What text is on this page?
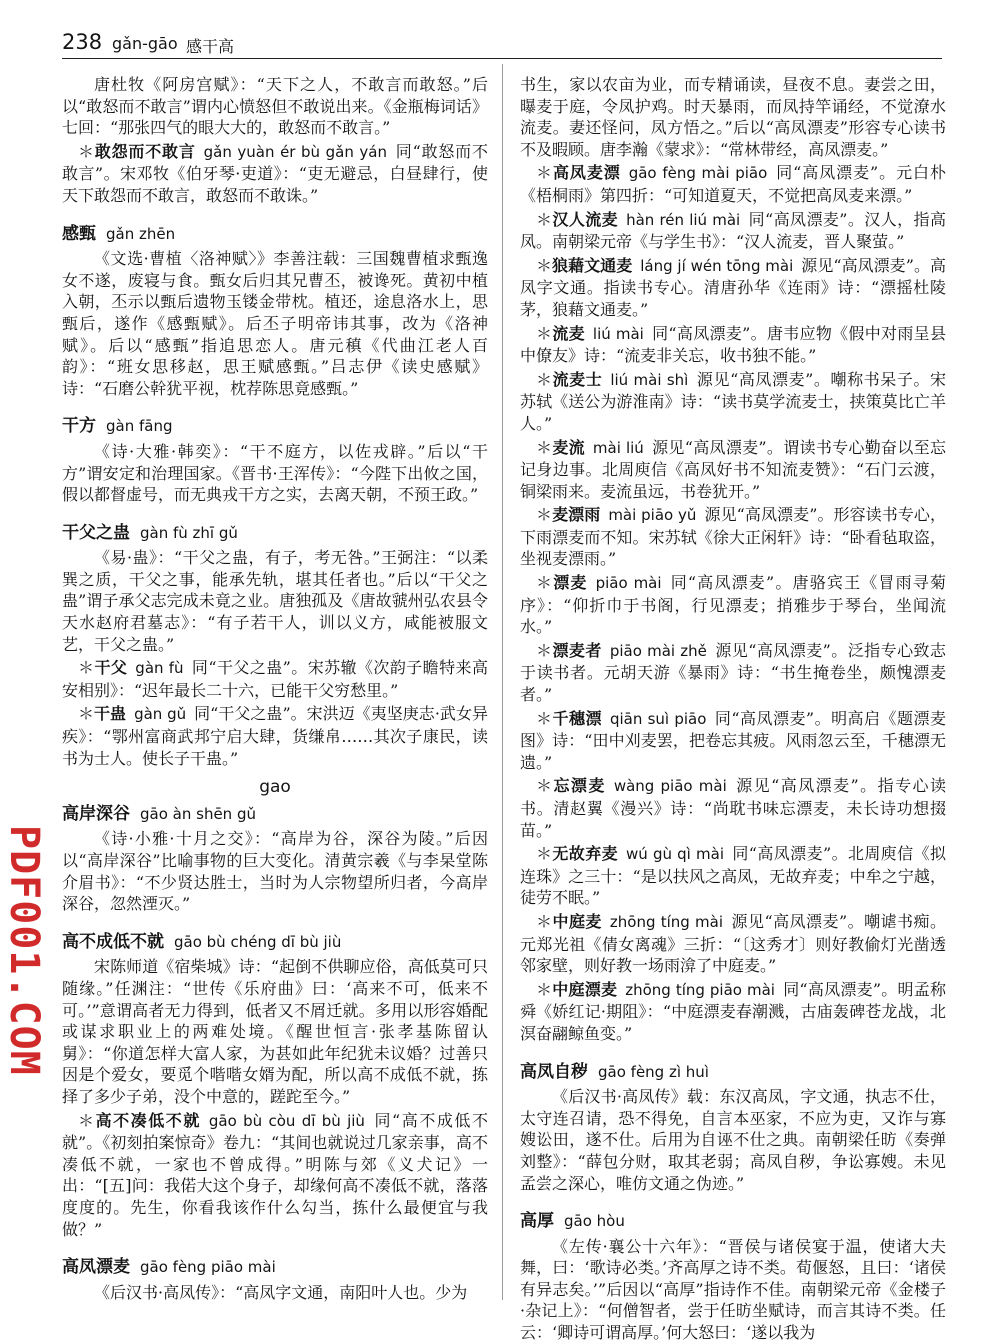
238 gǎn-gāo 感干高

唐杜牧《阿房宫赋》：“天下之人，不敢言而敢怒。”后以“敢怒而不敢言”谓内心愤怒但不敢说出来。《金瓶梅词话》七回：“那张四气的眼大大的，敢怒而不敢言。”

＊敢怨而不敢言 gǎn yuàn ér bù gǎn yán 同“敢怒而不敢言”。宋邓牧《伯牙琴·吏道》：“吏无避忌，白昼肆行，使天下敢怨而不敢言，敢怒而不敢诛。”

感甄 gǎn zhēn

《文选·曹植〈洛神赋〉》李善注载：三国魏曹植求甄逸女不遂，废寝与食。甄女后归其兄曹丕，被谗死。黄初中植入朝，丕示以甄后遗物玉镂金带枕。植还，途息洛水上，思甄后，遂作《感甄赋》。后丕子明帝讳其事，改为《洛神赋》。后以“感甄”指追思恋人。唐元稹《代曲江老人百韵》：“班女思移赵，思王赋感甄。”吕志伊《读史感赋》诗：“石磨公幹犹平视，枕荐陈思竟感甄。”

干方 gàn fāng

《诗·大雅·韩奕》：“干不庭方，以佐戎辟。”后以“干方”谓安定和治理国家。《晋书·王浑传》：“今陛下出攸之国，假以都督虚号，而无典戎干方之实，去离天朝，不预王政。”

干父之蛊 gàn fù zhī gǔ

《易·蛊》：“干父之蛊，有子，考无咎。”王弼注：“以柔巽之质，干父之事，能承先轨，堪其任者也。”后以“干父之蛊”谓子承父志完成未竟之业。唐独孤及《唐故虢州弘农县令天水赵府君墓志》：“有子若干人，训以义方，咸能被服文艺，干父之蛊。”

＊干父 gàn fù 同“干父之蛊”。宋苏辙《次韵子瞻特来高安相别》：“迟年最长二十六，已能干父穷愁里。”

＊干蛊 gàn gǔ 同“干父之蛊”。宋洪迈《夷坚庚志·武女异疾》：“鄂州富商武邦宁启大肆，货缣帛……其次子康民，读书为士人。使长子干蛊。”

gao
高岸深谷 gāo àn shēn gǔ

《诗·小雅·十月之交》：“高岸为谷，深谷为陵。”后因以“高岸深谷”比喻事物的巨大变化。清黄宗羲《与李杲堂陈介眉书》：“不少贤达胜士，当时为人宗物望所归者，今高岸深谷，忽然湮灭。”

高不成低不就 gāo bù chéng dī bù jiù

宋陈师道《宿柴城》诗：“起倒不供聊应俗，高低莫可只随缘。”任渊注：“世传《乐府曲》曰：‘高来不可，低来不可。’”意谓高者无力得到，低者又不屑迁就。多用以形容婚配或谋求职业上的两难处境。《醒世恒言·张孝基陈留认舅》：“你道怎样大富人家，为甚如此年纪犹未议婚？过善只因是个爱女，要觅个喈喈女婿为配，所以高不成低不就，拣择了多少子弟，没个中意的，蹉跎至今。”

＊高不凑低不就 gāo bù còu dī bù jiù 同“高不成低不就”。《初刻拍案惊奇》卷九：“其间也就说过几家亲事，高不凑低不就，一家也不曾成得。”明陈与郊《义犬记》一出：“[五]问：我偌大这个身子，却缘何高不凑低不就，落落度度的。先生，你看我该作什么勾当，拣什么最便宜与我做？”

高凤漂麦 gāo fèng piāo mài

《后汉书·高凤传》：“高凤字文通，南阳叶人也。少为

书生，家以农亩为业，而专精诵读，昼夜不息。妻尝之田，曝麦于庭，令凤护鸡。时天暴雨，而凤持竿诵经，不觉潦水流麦。妻还怪问，凤方悟之。”后以“高凤漂麦”形容专心读书不及暇顾。唐李瀚《蒙求》：“常林带经，高凤漂麦。”

＊高凤麦漂 gāo fèng mài piāo 同“高凤漂麦”。元白朴《梧桐雨》第四折：“可知道夏天，不觉把高凤麦来漂。”

＊汉人流麦 hàn rén liú mài 同“高凤漂麦”。汉人，指高凤。南朝梁元帝《与学生书》：“汉人流麦，晋人聚萤。”

＊狼藉文通麦 láng jí wén tōng mài 源见“高凤漂麦”。高凤字文通。指读书专心。清唐孙华《连雨》诗：“漂摇杜陵茅，狼藉文通麦。”

＊流麦 liú mài 同“高凤漂麦”。唐韦应物《假中对雨呈县中僚友》诗：“流麦非关忘，收书独不能。”

＊流麦士 liú mài shì 源见“高凤漂麦”。嘲称书呆子。宋苏轼《送公为游淮南》诗：“读书莫学流麦士，挟策莫比亡羊人。”

＊麦流 mài liú 源见“高凤漂麦”。谓读书专心勤奋以至忘记身边事。北周庾信《高凤好书不知流麦赞》：“石门云渡，铜梁雨来。麦流虽远，书卷犹开。”

＊麦漂雨 mài piāo yǔ 源见“高凤漂麦”。形容读书专心，下雨漂麦而不知。宋苏轼《徐大正闲轩》诗：“卧看毡取盗，坐视麦漂雨。”

＊漂麦 piāo mài 同“高凤漂麦”。唐骆宾王《冒雨寻菊序》：“仰折巾于书阁，行见漂麦；捎雅步于琴台，坐闻流水。”

＊漂麦者 piāo mài zhě 源见“高凤漂麦”。泛指专心致志于读书者。元胡天游《暴雨》诗：“书生掩卷坐，颇愧漂麦者。”

＊千穗漂 qiān suì piāo 同“高凤漂麦”。明高启《题漂麦图》诗：“田中刈麦罢，把卷忘其疲。风雨忽云至，千穗漂无遗。”

＊忘漂麦 wàng piāo mài 源见“高凤漂麦”。指专心读书。清赵翼《漫兴》诗：“尚耽书味忘漂麦，未长诗功想掇苗。”

＊无故弃麦 wú gù qì mài 同“高凤漂麦”。北周庾信《拟连珠》之三十：“是以扶风之高凤，无故弃麦；中牟之宁越，徒劳不眠。”

＊中庭麦 zhōng tíng mài 源见“高凤漂麦”。嘲谑书痴。元郑光祖《倩女离魂》三折：“〔这秀才〕则好教偷灯光凿透邻家壁，则好教一场雨渰了中庭麦。”

＊中庭漂麦 zhōng tíng piāo mài 同“高凤漂麦”。明孟称舜《娇红记·期阻》：“中庭漂麦春潮溅，古庙轰碑苍龙战，北溟奋翮鲸鱼变。”

高凤自秽 gāo fèng zì huì

《后汉书·高凤传》载：东汉高凤，字文通，执志不仕，太守连召请，恐不得免，自言本巫家，不应为吏，又诈与寡嫂讼田，遂不仕。后用为自诬不仕之典。南朝梁任昉《奏弹刘整》：“薛包分财，取其老弱；高凤自秽，争讼寡嫂。未见孟尝之深心，唯仿文通之伪迹。”

高厚 gāo hòu

《左传·襄公十六年》：“晋侯与诸侯宴于温，使诸大夫舞，曰：‘歌诗必类。’齐高厚之诗不类。荀偃怒，且曰：‘诸侯有异志矣。’”后因以“高厚”指诗作不佳。南朝梁元帝《金楼子·杂记上》：“何僧智者，尝于任昉坐赋诗，而言其诗不类。任云：‘卿诗可谓高厚。’何大怒曰：‘遂以我为

PDF001.COM
